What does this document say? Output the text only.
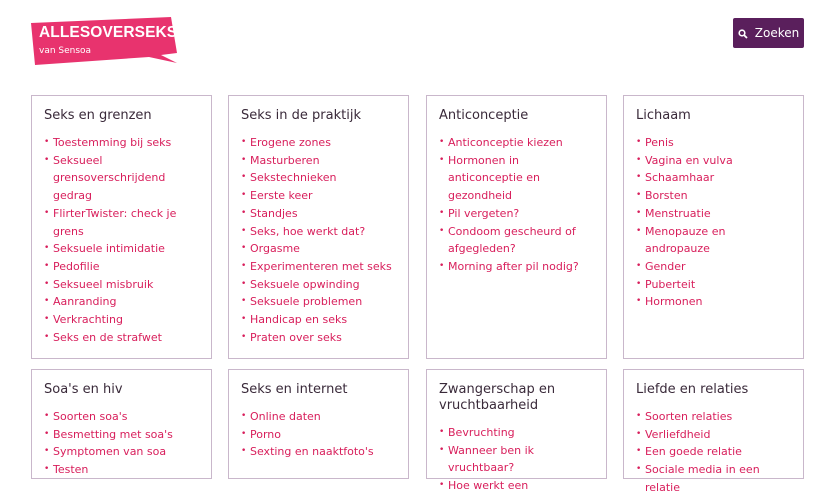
ALLESOVERSEKS.BE
van Sensoa
Zoeken
Seks en grenzen
• Toestemming bij seks
• Seksueel grensoverschrijdend gedrag
• FlirterTwister: check je grens
• Seksuele intimidatie
• Pedofilie
• Seksueel misbruik
• Aanranding
• Verkrachting
• Seks en de strafwet
Seks in de praktijk
• Erogene zones
• Masturberen
• Sekstechnieken
• Eerste keer
• Standjes
• Seks, hoe werkt dat?
• Orgasme
• Experimenteren met seks
• Seksuele opwinding
• Seksuele problemen
• Handicap en seks
• Praten over seks
Anticonceptie
• Anticonceptie kiezen
• Hormonen in anticonceptie en gezondheid
• Pil vergeten?
• Condoom gescheurd of afgegleden?
• Morning after pil nodig?
Lichaam
• Penis
• Vagina en vulva
• Schaamhaar
• Borsten
• Menstruatie
• Menopauze en andropauze
• Gender
• Puberteit
• Hormonen
Soa's en hiv
• Soorten soa's
• Besmetting met soa's
• Symptomen van soa
• Testen
Seks en internet
• Online daten
• Porno
• Sexting en naaktfoto's
Zwangerschap en vruchtbaarheid
• Bevruchting
• Wanneer ben ik vruchtbaar?
• Hoe werkt een
Liefde en relaties
• Soorten relaties
• Verliefdheid
• Een goede relatie
• Sociale media in een relatie
